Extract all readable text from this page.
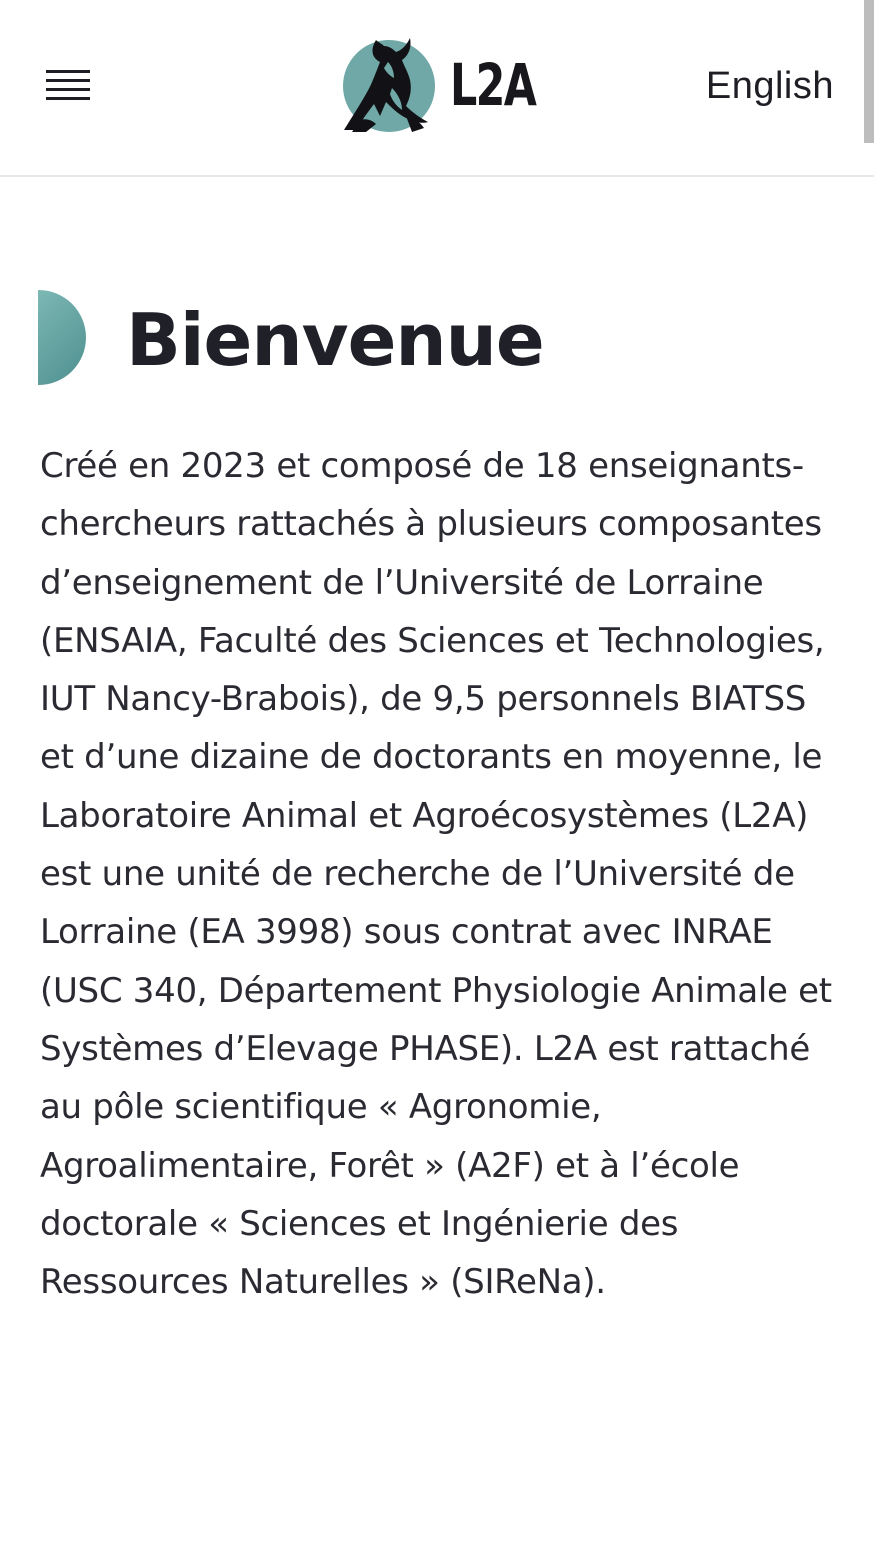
L2A	English
Bienvenue

Créé en 2023 et composé de 18 enseignants-chercheurs rattachés à plusieurs composantes d’enseignement de l’Université de Lorraine (ENSAIA, Faculté des Sciences et Technologies, IUT Nancy-Brabois), de 9,5 personnels BIATSS et d’une dizaine de doctorants en moyenne, le Laboratoire Animal et Agroécosystèmes (L2A) est une unité de recherche de l’Université de Lorraine (EA 3998) sous contrat avec INRAE (USC 340, Département Physiologie Animale et Systèmes d’Elevage PHASE). L2A est rattaché au pôle scientifique « Agronomie, Agroalimentaire, Forêt » (A2F) et à l’école doctorale « Sciences et Ingénierie des Ressources Naturelles » (SIReNa).
